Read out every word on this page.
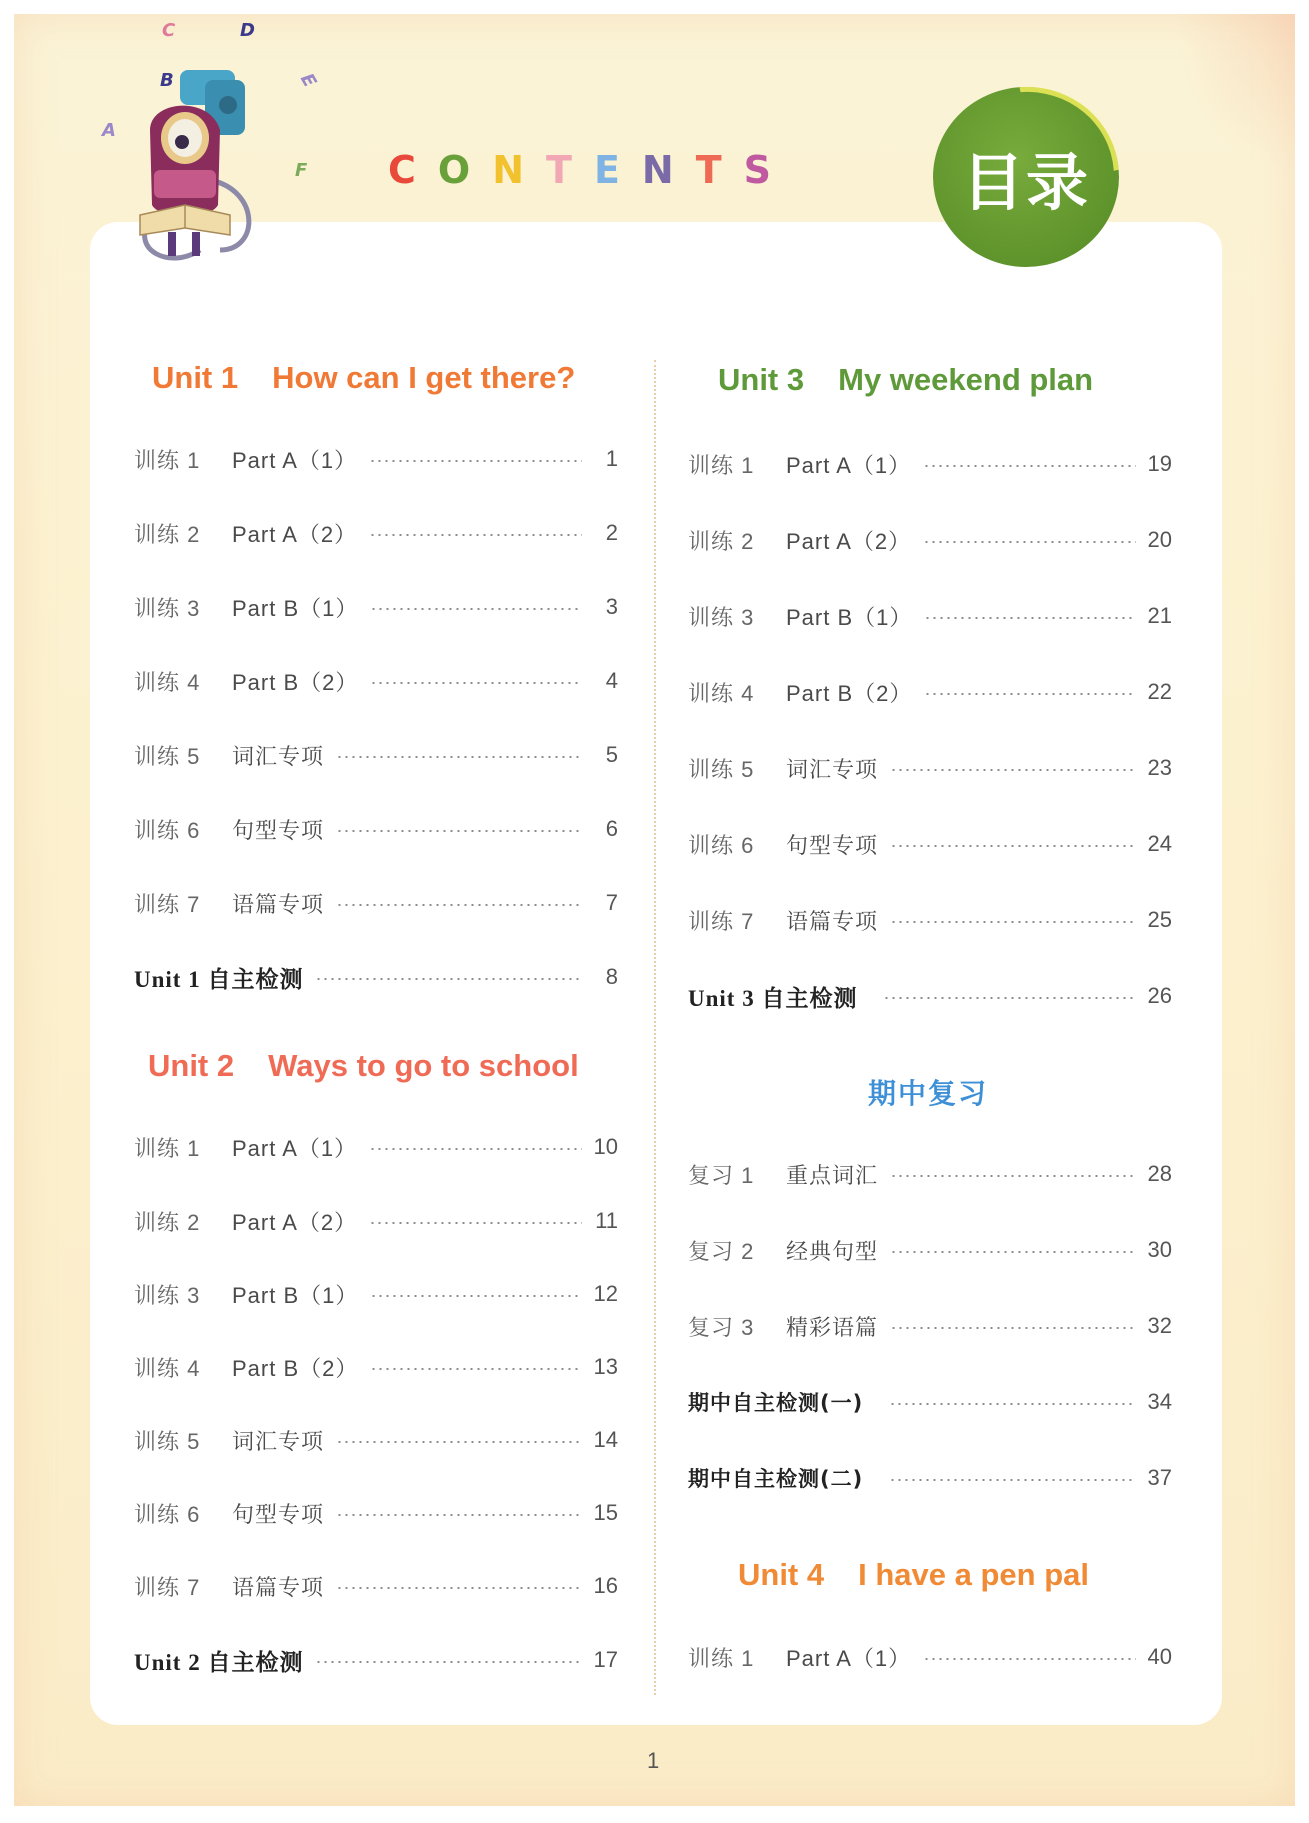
A
B
C	D
E
F CONTENTS	目录
Unit 1 How can I get there?
训练 1	Part A（1）	1
训练 2	Part A（2）	2
训练 3	Part B（1）	3
训练 4	Part B（2）	4
训练 5	词汇专项	5
训练 6	句型专项	6
训练 7	语篇专项	7
Unit 1 自主检测	8
Unit 2 Ways to go to school
训练 1	Part A（1）	10
训练 2	Part A（2）	11
训练 3	Part B（1）	12
训练 4	Part B（2）	13
训练 5	词汇专项	14
训练 6	句型专项	15
训练 7	语篇专项	16
Unit 2 自主检测	17
Unit 3 My weekend plan
训练 1	Part A（1）	19
训练 2	Part A（2）	20
训练 3	Part B（1）	21
训练 4	Part B（2）	22
训练 5	词汇专项	23
训练 6	句型专项	24
训练 7	语篇专项	25
Unit 3 自主检测	26
期中复习
复习 1	重点词汇	28
复习 2	经典句型	30
复习 3	精彩语篇	32
期中自主检测(一)	34
期中自主检测(二)	37
Unit 4 I have a pen pal
训练 1	Part A（1）	40
1
